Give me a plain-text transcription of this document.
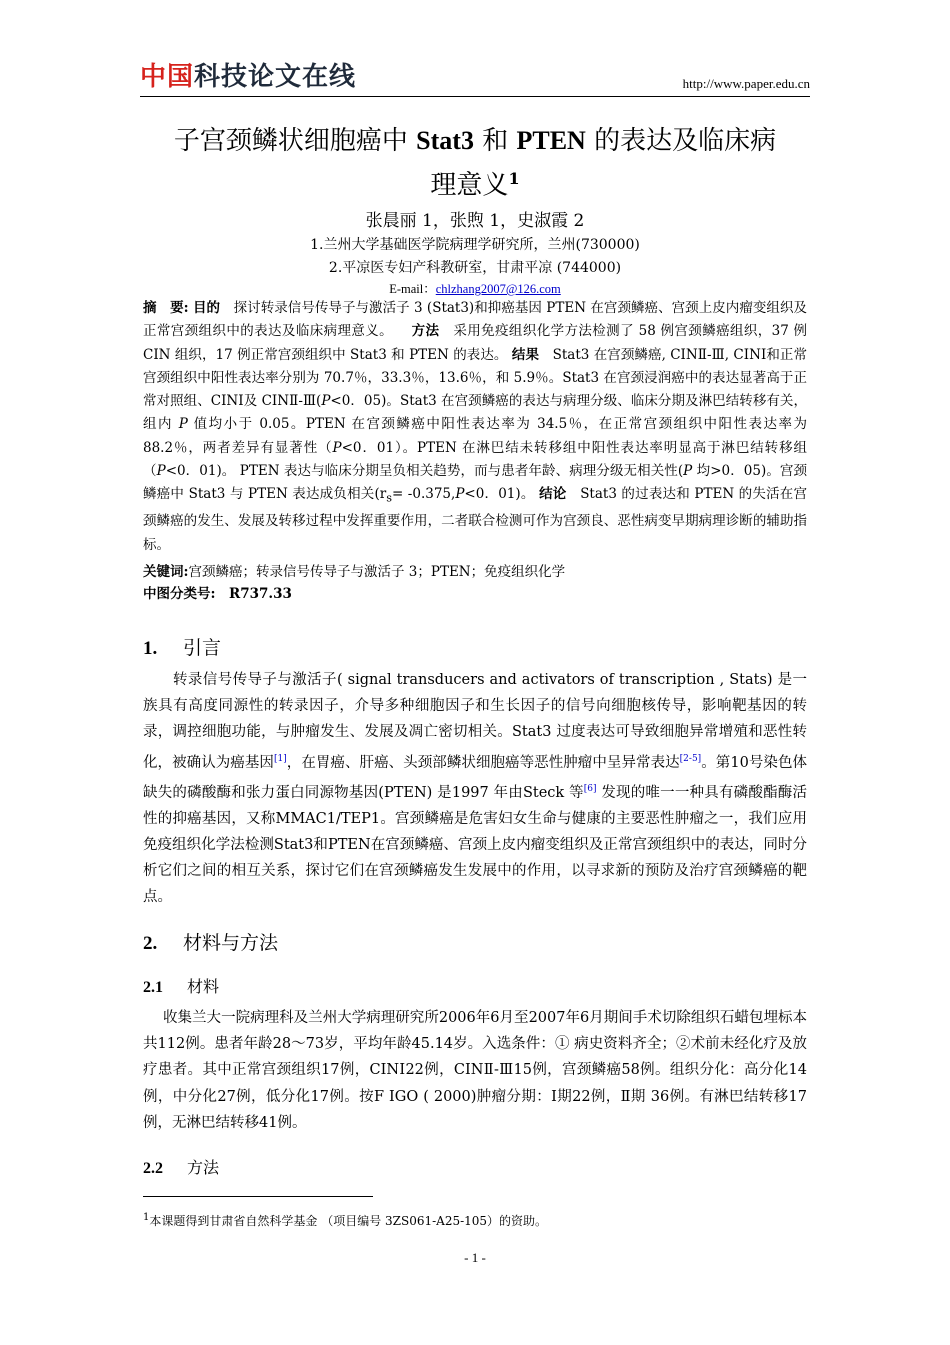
中国科技论文在线	http://www.paper.edu.cn
子宫颈鳞状细胞癌中 Stat3 和 PTEN 的表达及临床病
理意义$^1$
张晨丽 1，张煦 1，史淑霞 2
1.兰州大学基础医学院病理学研究所，兰州(730000)
2.平凉医专妇产科教研室，甘肃平凉 (744000)
E-mail：chlzhang2007@126.com
摘　要: 目的　 探讨转录信号传导子与激活子 3 (Stat3)和抑癌基因 PTEN 在宫颈鳞癌、宫颈上皮内瘤变组织及正常宫颈组织中的表达及临床病理意义。 　 方法　 采用免疫组织化学方法检测了 58 例宫颈鳞癌组织，37 例 CIN 组织，17 例正常宫颈组织中 Stat3 和 PTEN 的表达。 结果　 Stat3 在宫颈鳞癌, CINⅡ-Ⅲ, CINⅠ和正常宫颈组织中阳性表达率分别为 70.7％，33.3％，13.6％，和 5.9％。Stat3 在宫颈浸润癌中的表达显著高于正常对照组、CINⅠ及 CINⅡ-Ⅲ(P<0．05)。Stat3 在宫颈鳞癌的表达与病理分级、临床分期及淋巴结转移有关，组内 P 值均小于 0.05。PTEN 在宫颈鳞癌中阳性表达率为 34.5％，在正常宫颈组织中阳性表达率为 88.2％，两者差异有显著性（P<0．01）。PTEN 在淋巴结未转移组中阳性表达率明显高于淋巴结转移组（P<0．01)。 PTEN 表达与临床分期呈负相关趋势，而与患者年龄、病理分级无相关性(P 均>0．05)。宫颈鳞癌中 Stat3 与 PTEN 表达成负相关($r_s= -0.375,P<0$．01)。 结论　 Stat3 的过表达和 PTEN 的失活在宫颈鳞癌的发生、发展及转移过程中发挥重要作用，二者联合检测可作为宫颈良、恶性病变早期病理诊断的辅助指标。
关键词:宫颈鳞癌；转录信号传导子与激活子 3；PTEN；免疫组织化学
中图分类号:　 R737.33
1. 引言
转录信号传导子与激活子( signal transducers and activators of transcription , Stats) 是一族具有高度同源性的转录因子，介导多种细胞因子和生长因子的信号向细胞核传导，影响靶基因的转录，调控细胞功能，与肿瘤发生、发展及凋亡密切相关。Stat3 过度表达可导致细胞异常增殖和恶性转化，被确认为癌基因[1]，在胃癌、肝癌、头颈部鳞状细胞癌等恶性肿瘤中呈异常表达[2-5]。第10号染色体缺失的磷酸酶和张力蛋白同源物基因(PTEN) 是1997 年由Steck 等[6] 发现的唯一一种具有磷酸酯酶活性的抑癌基因，又称MMAC1/TEP1。宫颈鳞癌是危害妇女生命与健康的主要恶性肿瘤之一，我们应用免疫组织化学法检测Stat3和PTEN在宫颈鳞癌、宫颈上皮内瘤变组织及正常宫颈组织中的表达，同时分析它们之间的相互关系，探讨它们在宫颈鳞癌发生发展中的作用，以寻求新的预防及治疗宫颈鳞癌的靶点。
2. 材料与方法
2.1 材料
收集兰大一院病理科及兰州大学病理研究所2006年6月至2007年6月期间手术切除组织石蜡包埋标本共112例。患者年龄28～73岁，平均年龄45.14岁。入选条件：① 病史资料齐全；②术前未经化疗及放疗患者。其中正常宫颈组织17例，CINⅠ22例，CINⅡ-Ⅲ15例，宫颈鳞癌58例。组织分化：高分化14例，中分化27例，低分化17例。按F IGO ( 2000)肿瘤分期：Ⅰ期22例，Ⅱ期 36例。有淋巴结转移17例，无淋巴结转移41例。
2.2 方法
$^1$本课题得到甘肃省自然科学基金 （项目编号 3ZS061-A25-105）的资助。
- 1 -
